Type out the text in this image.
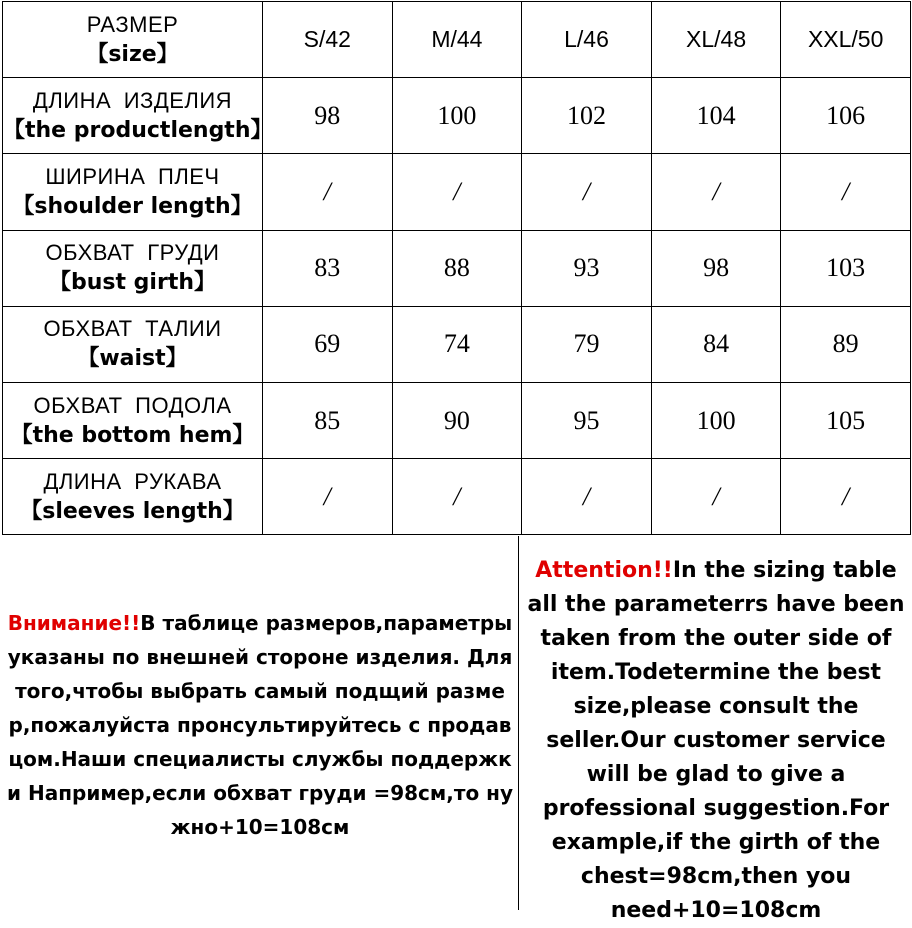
РАЗМЕР
【size】	S/42	M/44	L/46	XL/48	XXL/50

ДЛИНА ИЗДЕЛИЯ
【the productlength】	98	100	102	104	106

ШИРИНА ПЛЕЧ
【shoulder length】	/	/	/	/	/

ОБХВАТ ГРУДИ
【bust girth】	83	88	93	98	103

ОБХВАТ ТАЛИИ
【waist】	69	74	79	84	89

ОБХВАТ ПОДОЛА
【the bottom hem】	85	90	95	100	105

ДЛИНА РУКАВА
【sleeves length】	/	/	/	/	/
Внимание!!В таблице размеров,параметры указаны по внешней стороне изделия. Для того,чтобы выбрать самый подщий размер,пожалуйста пронсультируйтесь с продавцом.Наши специалисты службы поддержки Например,если обхват груди =98см,то нужно+10=108см
Attention!!In the sizing table all the parameterrs have been taken from the outer side of item.Todetermine the best size,please consult the seller.Our customer service will be glad to give a professional suggestion.For example,if the girth of the chest=98cm,then you need+10=108cm
